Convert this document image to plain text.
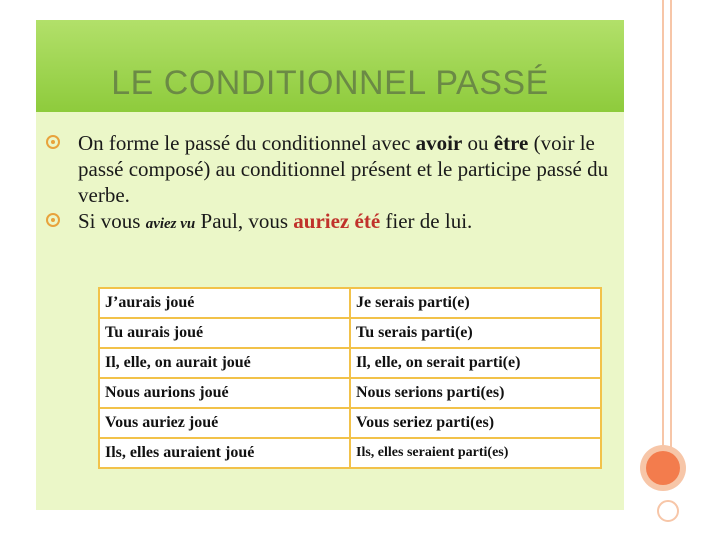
LE CONDITIONNEL PASSÉ
On forme le passé du conditionnel avec avoir ou être (voir le passé composé) au conditionnel présent et le participe passé du verbe.
Si vous aviez vu Paul, vous auriez été fier de lui.
J’aurais joué	Je serais parti(e)
Tu aurais joué	Tu serais parti(e)
Il, elle, on aurait joué	Il, elle, on serait parti(e)
Nous aurions joué	Nous serions parti(es)
Vous auriez joué	Vous seriez parti(es)
Ils, elles auraient joué	Ils, elles seraient parti(es)
